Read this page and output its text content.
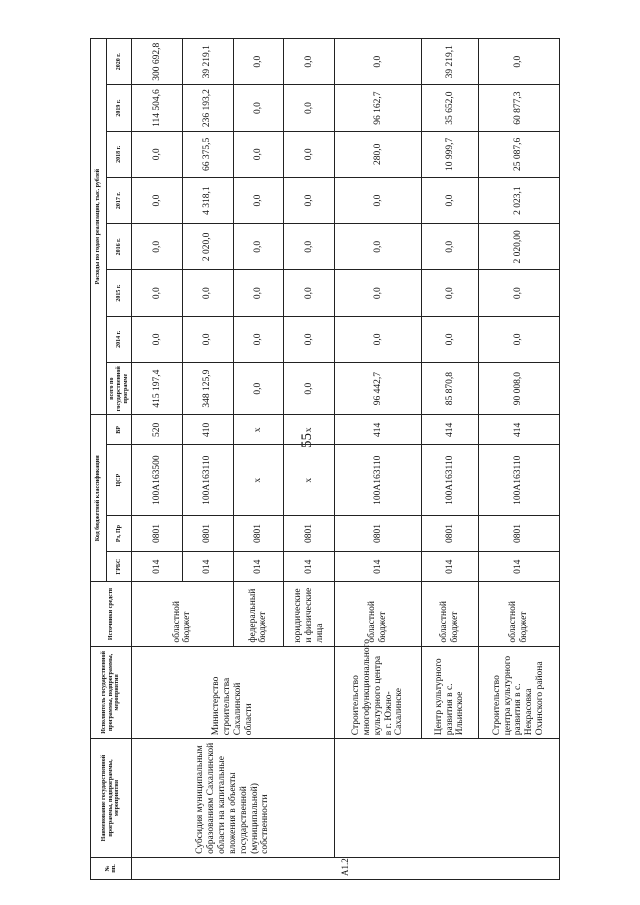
55
№ пп.	Наименование государственной программы, подпрограммы, мероприятия	Исполнитель государственной программы, подпрограммы, мероприятия	Источники средств	Код бюджетной классификации				Расходы по годам реализации, тыс. рублей							
				ГРБС	Рз, Пр	ЦСР	ВР	всего по государственной программе	2014 г.	2015 г.	2016 г.	2017 г.	2018 г.	2019 г.	2020 г.

А1.2	Субсидия муниципальным образованиям Сахалинской области на капитальные вложения в объекты государственной (муниципальной) собственности	Министерство строительства Сахалинской области	областной бюджет	014	0801	100А163500	520	415 197,4	0,0	0,0	0,0	0,0	0,0	114 504,6	300 692,8
				014	0801	100А163110	410	348 125,9	0,0	0,0	2 020,0	4 318,1	66 375,5	236 193,2	39 219,1
			федеральный бюджет	014	0801	х	х	0,0	0,0	0,0	0,0	0,0	0,0	0,0	0,0
			юридические и физические лица	014	0801	х	х	0,0	0,0	0,0	0,0	0,0	0,0	0,0	0,0
		Строительство многофункционального культурного центра в г. Южно-Сахалинске	областной бюджет	014	0801	100А163110	414	96 442,7	0,0	0,0	0,0	0,0	280,0	96 162,7	0,0
		Центр культурного развития в с. Ильинское	областной бюджет	014	0801	100А163110	414	85 870,8	0,0	0,0	0,0	0,0	10 999,7	35 652,0	39 219,1
		Строительство центра культурного развития в с. Некрасовка Охинского района	областной бюджет	014	0801	100А163110	414	90 008,0	0,0	0,0	2 020,00	2 023,1	25 087,6	60 877,3	0,0
